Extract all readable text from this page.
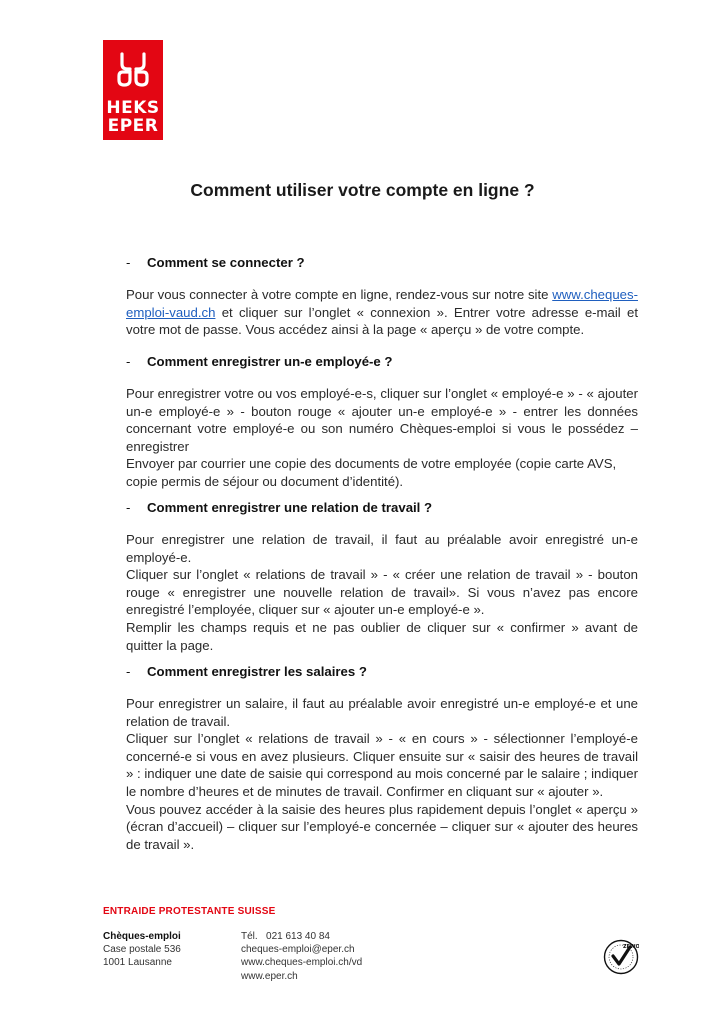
HEKS
EPER
Comment utiliser votre compte en ligne ?
- Comment se connecter ?

Pour vous connecter à votre compte en ligne, rendez-vous sur notre site www.cheques-emploi-vaud.ch et cliquer sur l’onglet « connexion ». Entrer votre adresse e-mail et votre mot de passe. Vous accédez ainsi à la page « aperçu » de votre compte.

- Comment enregistrer un-e employé-e ?

Pour enregistrer votre ou vos employé-e-s, cliquer sur l’onglet « employé-e » - « ajouter un-e employé-e » - bouton rouge « ajouter un-e employé-e » - entrer les données concernant votre employé-e ou son numéro Chèques-emploi si vous le possédez – enregistrer

Envoyer par courrier une copie des documents de votre employée (copie carte AVS, copie permis de séjour ou document d’identité).

- Comment enregistrer une relation de travail ?

Pour enregistrer une relation de travail, il faut au préalable avoir enregistré un-e employé-e.

Cliquer sur l’onglet « relations de travail » - « créer une relation de travail » - bouton rouge « enregistrer une nouvelle relation de travail». Si vous n’avez pas encore enregistré l’employée, cliquer sur « ajouter un-e employé-e ».

Remplir les champs requis et ne pas oublier de cliquer sur « confirmer » avant de quitter la page.

- Comment enregistrer les salaires ?

Pour enregistrer un salaire, il faut au préalable avoir enregistré un-e employé-e et une relation de travail.

Cliquer sur l’onglet « relations de travail » - « en cours » - sélectionner l’employé-e concerné-e si vous en avez plusieurs. Cliquer ensuite sur « saisir des heures de travail » : indiquer une date de saisie qui correspond au mois concerné par le salaire ; indiquer le nombre d’heures et de minutes de travail. Confirmer en cliquant sur « ajouter ».

Vous pouvez accéder à la saisie des heures plus rapidement depuis l’onglet « aperçu » (écran d’accueil) – cliquer sur l’employé-e concernée – cliquer sur « ajouter des heures de travail ».

ENTRAIDE PROTESTANTE SUISSE
Chèques-emploi
Case postale 536
1001 Lausanne
Tél.   021 613 40 84
cheques-emploi@eper.ch
www.cheques-emploi.ch/vd
www.eper.ch
ZEWO
